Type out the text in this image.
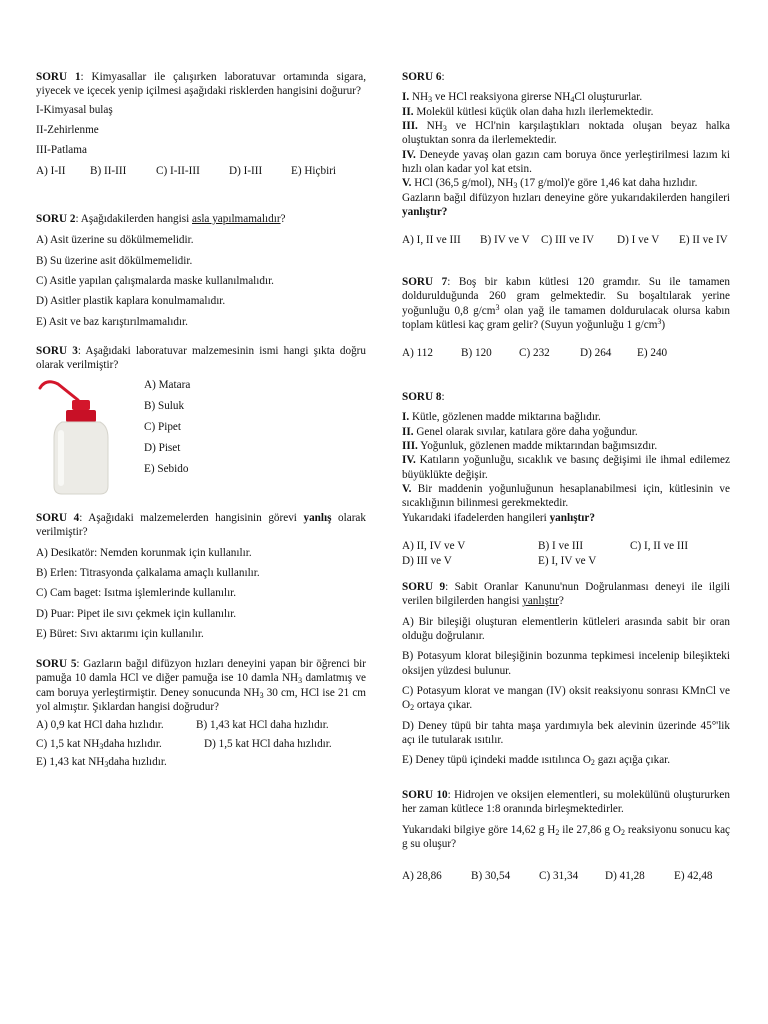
SORU 1: Kimyasallar ile çalışırken laboratuvar ortamında sigara, yiyecek ve içecek yenip içilmesi aşağıdaki risklerden hangisini doğurur?

I-Kimyasal bulaş

II-Zehirlenme

III-Patlama

A) I-II	B) II-III	C) I-II-III	D) I-III	E) Hiçbiri

SORU 2: Aşağıdakilerden hangisi asla yapılmamalıdır?

A) Asit üzerine su dökülmemelidir.

B) Su üzerine asit dökülmemelidir.

C) Asitle yapılan çalışmalarda maske kullanılmalıdır.

D) Asitler plastik kaplara konulmamalıdır.

E) Asit ve baz karıştırılmamalıdır.

SORU 3: Aşağıdaki laboratuvar malzemesinin ismi hangi şıkta doğru olarak verilmiştir?

A) Matara
B) Suluk
C) Pipet
D) Piset
E) Sebido

SORU 4: Aşağıdaki malzemelerden hangisinin görevi yanlış olarak verilmiştir?

A) Desikatör: Nemden korunmak için kullanılır.

B) Erlen: Titrasyonda çalkalama amaçlı kullanılır.

C) Cam baget: Isıtma işlemlerinde kullanılır.

D) Puar: Pipet ile sıvı çekmek için kullanılır.

E) Büret: Sıvı aktarımı için kullanılır.

SORU 5: Gazların bağıl difüzyon hızları deneyini yapan bir öğrenci bir pamuğa 10 damla HCl ve diğer pamuğa ise 10 damla $NH_3$ damlatmış ve cam boruya yerleştirmiştir. Deney sonucunda $NH_3$ 30 cm, HCl ise 21 cm yol almıştır. Şıklardan hangisi doğrudur?

A) 0,9 kat HCl daha hızlıdır.	B) 1,43 kat HCl daha hızlıdır.
C) 1,5 kat $NH_3daha$ hızlıdır.	D) 1,5 kat HCl daha hızlıdır.
E) 1,43 kat $NH_3daha$ hızlıdır.

SORU 6:

I. $NH_3$ ve HCl reaksiyona girerse $NH_4Cl$ oluştururlar.

II. Molekül kütlesi küçük olan daha hızlı ilerlemektedir.

III. $NH_3$ ve HCl'nin karşılaştıkları noktada oluşan beyaz halka oluştuktan sonra da ilerlemektedir.

IV. Deneyde yavaş olan gazın cam boruya önce yerleştirilmesi lazım ki hızlı olan kadar yol kat etsin.

V. HCl (36,5 g/mol), $NH_3$ (17 g/mol)'e göre 1,46 kat daha hızlıdır.

Gazların bağıl difüzyon hızları deneyine göre yukarıdakilerden hangileri yanlıştır?

A) I, II ve III	B) IV ve V	C) III ve IV	D) I ve V	E) II ve IV

SORU 7: Boş bir kabın kütlesi 120 gramdır. Su ile tamamen doldurulduğunda 260 gram gelmektedir. Su boşaltılarak yerine yoğunluğu 0,8 $g/cm^3$ olan yağ ile tamamen doldurulacak olursa kabın toplam kütlesi kaç gram gelir? (Suyun yoğunluğu 1 $g/cm^3$)

A) 112	B) 120	C) 232	D) 264	E) 240

SORU 8:

I. Kütle, gözlenen madde miktarına bağlıdır.

II. Genel olarak sıvılar, katılara göre daha yoğundur.

III. Yoğunluk, gözlenen madde miktarından bağımsızdır.

IV. Katıların yoğunluğu, sıcaklık ve basınç değişimi ile ihmal edilemez büyüklükte değişir.

V. Bir maddenin yoğunluğunun hesaplanabilmesi için, kütlesinin ve sıcaklığının bilinmesi gerekmektedir.

Yukarıdaki ifadelerden hangileri yanlıştır?

A) II, IV ve V	B) I ve III	C) I, II ve III
D) III ve V	E) I, IV ve V

SORU 9: Sabit Oranlar Kanunu'nun Doğrulanması deneyi ile ilgili verilen bilgilerden hangisi yanlıştır?

A) Bir bileşiği oluşturan elementlerin kütleleri arasında sabit bir oran olduğu doğrulanır.

B) Potasyum klorat bileşiğinin bozunma tepkimesi incelenip bileşikteki oksijen yüzdesi bulunur.

C) Potasyum klorat ve mangan (IV) oksit reaksiyonu sonrası KMnCl ve $O_2$ ortaya çıkar.

D) Deney tüpü bir tahta maşa yardımıyla bek alevinin üzerinde 45°'lik açı ile tutularak ısıtılır.

E) Deney tüpü içindeki madde ısıtılınca $O_2$ gazı açığa çıkar.

SORU 10: Hidrojen ve oksijen elementleri, su molekülünü oluştururken her zaman kütlece 1:8 oranında birleşmektedirler.

Yukarıdaki bilgiye göre 14,62 g $H_2$ ile 27,86 g $O_2$ reaksiyonu sonucu kaç g su oluşur?

A) 28,86	B) 30,54	C) 31,34	D) 41,28	E) 42,48
